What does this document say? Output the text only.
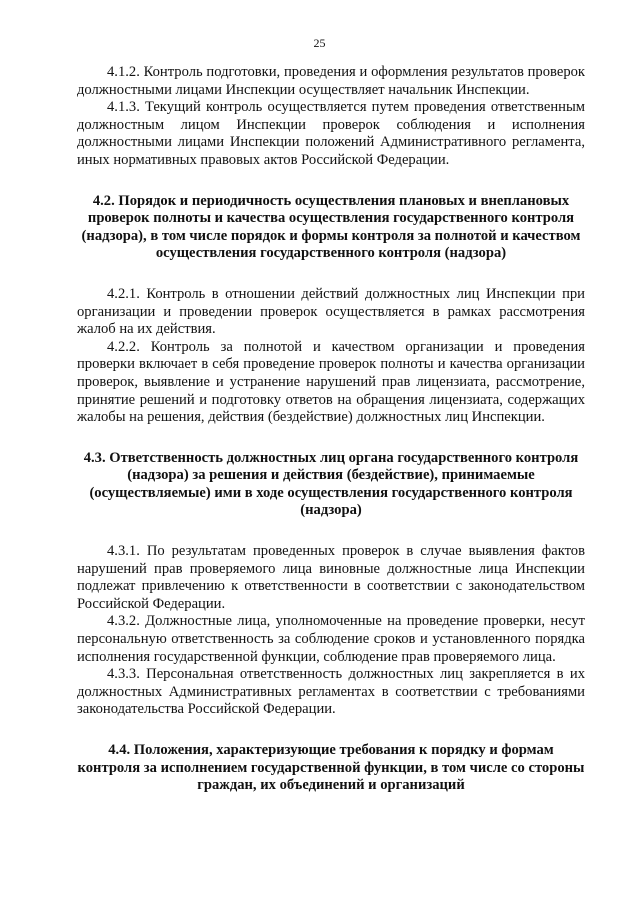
25

4.1.2. Контроль подготовки, проведения и оформления результатов проверок должностными лицами Инспекции осуществляет начальник Инспекции.

4.1.3. Текущий контроль осуществляется путем проведения ответственным должностным лицом Инспекции проверок соблюдения и исполнения должностными лицами Инспекции положений Административного регламента, иных нормативных правовых актов Российской Федерации.

4.2. Порядок и периодичность осуществления плановых и внеплановых проверок полноты и качества осуществления государственного контроля (надзора), в том числе порядок и формы контроля за полнотой и качеством осуществления государственного контроля (надзора)

4.2.1. Контроль в отношении действий должностных лиц Инспекции при организации и проведении проверок осуществляется в рамках рассмотрения жалоб на их действия.

4.2.2. Контроль за полнотой и качеством организации и проведения проверки включает в себя проведение проверок полноты и качества организации проверок, выявление и устранение нарушений прав лицензиата, рассмотрение, принятие решений и подготовку ответов на обращения лицензиата, содержащих жалобы на решения, действия (бездействие) должностных лиц Инспекции.

4.3. Ответственность должностных лиц органа государственного контроля (надзора) за решения и действия (бездействие), принимаемые (осуществляемые) ими в ходе осуществления государственного контроля (надзора)

4.3.1. По результатам проведенных проверок в случае выявления фактов нарушений прав проверяемого лица виновные должностные лица Инспекции подлежат привлечению к ответственности в соответствии с законодательством Российской Федерации.

4.3.2. Должностные лица, уполномоченные на проведение проверки, несут персональную ответственность за соблюдение сроков и установленного порядка исполнения государственной функции, соблюдение прав проверяемого лица.

4.3.3. Персональная ответственность должностных лиц закрепляется в их должностных Административных регламентах в соответствии с требованиями законодательства Российской Федерации.

4.4. Положения, характеризующие требования к порядку и формам контроля за исполнением государственной функции, в том числе со стороны граждан, их объединений и организаций
